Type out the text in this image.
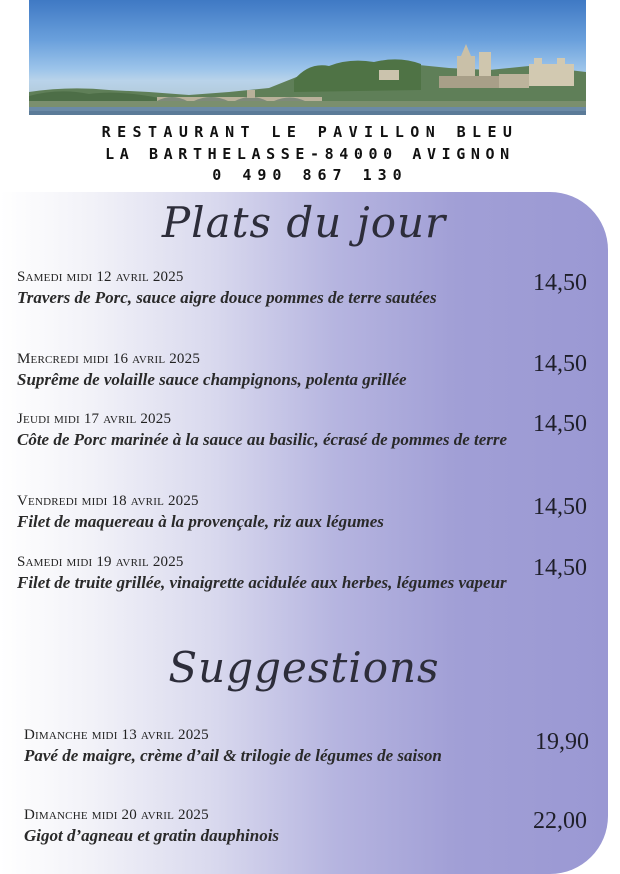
RESTAURANT LE PAVILLON BLEU
LA BARTHELASSE-84000 AVIGNON
0 490 867 130
Plats du jour
Samedi midi 12 avril 2025
Travers de Porc, sauce aigre douce pommes de terre sautées
14,50
Mercredi midi 16 avril 2025
Suprême de volaille sauce champignons, polenta grillée
14,50
Jeudi midi 17 avril 2025
Côte de Porc marinée à la sauce au basilic, écrasé de pommes de terre
14,50
Vendredi midi 18 avril 2025
Filet de maquereau à la provençale, riz aux légumes
14,50
Samedi midi 19 avril 2025
Filet de truite grillée, vinaigrette acidulée aux herbes, légumes vapeur
14,50
Suggestions
Dimanche midi 13 avril 2025
Pavé de maigre, crème d’ail & trilogie de légumes de saison
19,90
Dimanche midi 20 avril 2025
Gigot d’agneau et gratin dauphinois
22,00
